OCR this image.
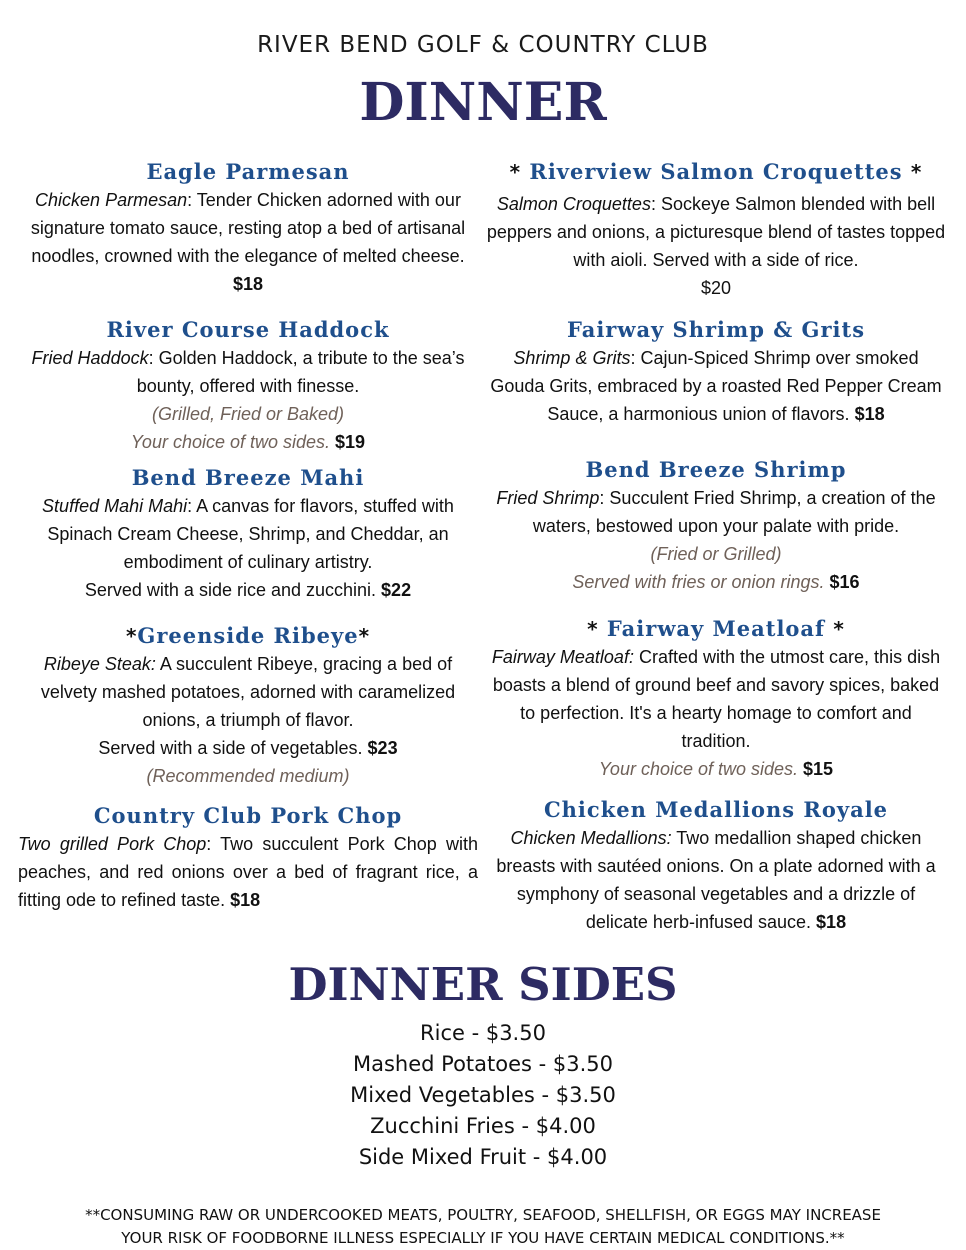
RIVER BEND GOLF & COUNTRY CLUB
DINNER
Eagle Parmesan
Chicken Parmesan: Tender Chicken adorned with our signature tomato sauce, resting atop a bed of artisanal noodles, crowned with the elegance of melted cheese. $18
River Course Haddock
Fried Haddock: Golden Haddock, a tribute to the sea’s bounty, offered with finesse.
(Grilled, Fried or Baked)
Your choice of two sides. $19
Bend Breeze Mahi
Stuffed Mahi Mahi: A canvas for flavors, stuffed with Spinach Cream Cheese, Shrimp, and Cheddar, an embodiment of culinary artistry.
Served with a side rice and zucchini. $22
*Greenside Ribeye*
Ribeye Steak: A succulent Ribeye, gracing a bed of velvety mashed potatoes, adorned with caramelized onions, a triumph of flavor.
Served with a side of vegetables. $23
(Recommended medium)
Country Club Pork Chop
Two grilled Pork Chop: Two succulent Pork Chop with peaches, and red onions over a bed of fragrant rice, a fitting ode to refined taste. $18
* Riverview Salmon Croquettes *
Salmon Croquettes: Sockeye Salmon blended with bell peppers and onions, a picturesque blend of tastes topped with aioli. Served with a side of rice.
$20
Fairway Shrimp & Grits
Shrimp & Grits: Cajun-Spiced Shrimp over smoked Gouda Grits, embraced by a roasted Red Pepper Cream Sauce, a harmonious union of flavors. $18
Bend Breeze Shrimp
Fried Shrimp: Succulent Fried Shrimp, a creation of the waters, bestowed upon your palate with pride.
(Fried or Grilled)
Served with fries or onion rings. $16
* Fairway Meatloaf *
Fairway Meatloaf: Crafted with the utmost care, this dish boasts a blend of ground beef and savory spices, baked to perfection. It's a hearty homage to comfort and tradition.
Your choice of two sides. $15
Chicken Medallions Royale
Chicken Medallions: Two medallion shaped chicken breasts with sautéed onions. On a plate adorned with a symphony of seasonal vegetables and a drizzle of delicate herb-infused sauce. $18
DINNER SIDES
Rice - $3.50
Mashed Potatoes - $3.50
Mixed Vegetables - $3.50
Zucchini Fries - $4.00
Side Mixed Fruit - $4.00
**CONSUMING RAW OR UNDERCOOKED MEATS, POULTRY, SEAFOOD, SHELLFISH, OR EGGS MAY INCREASE
YOUR RISK OF FOODBORNE ILLNESS ESPECIALLY IF YOU HAVE CERTAIN MEDICAL CONDITIONS.**
